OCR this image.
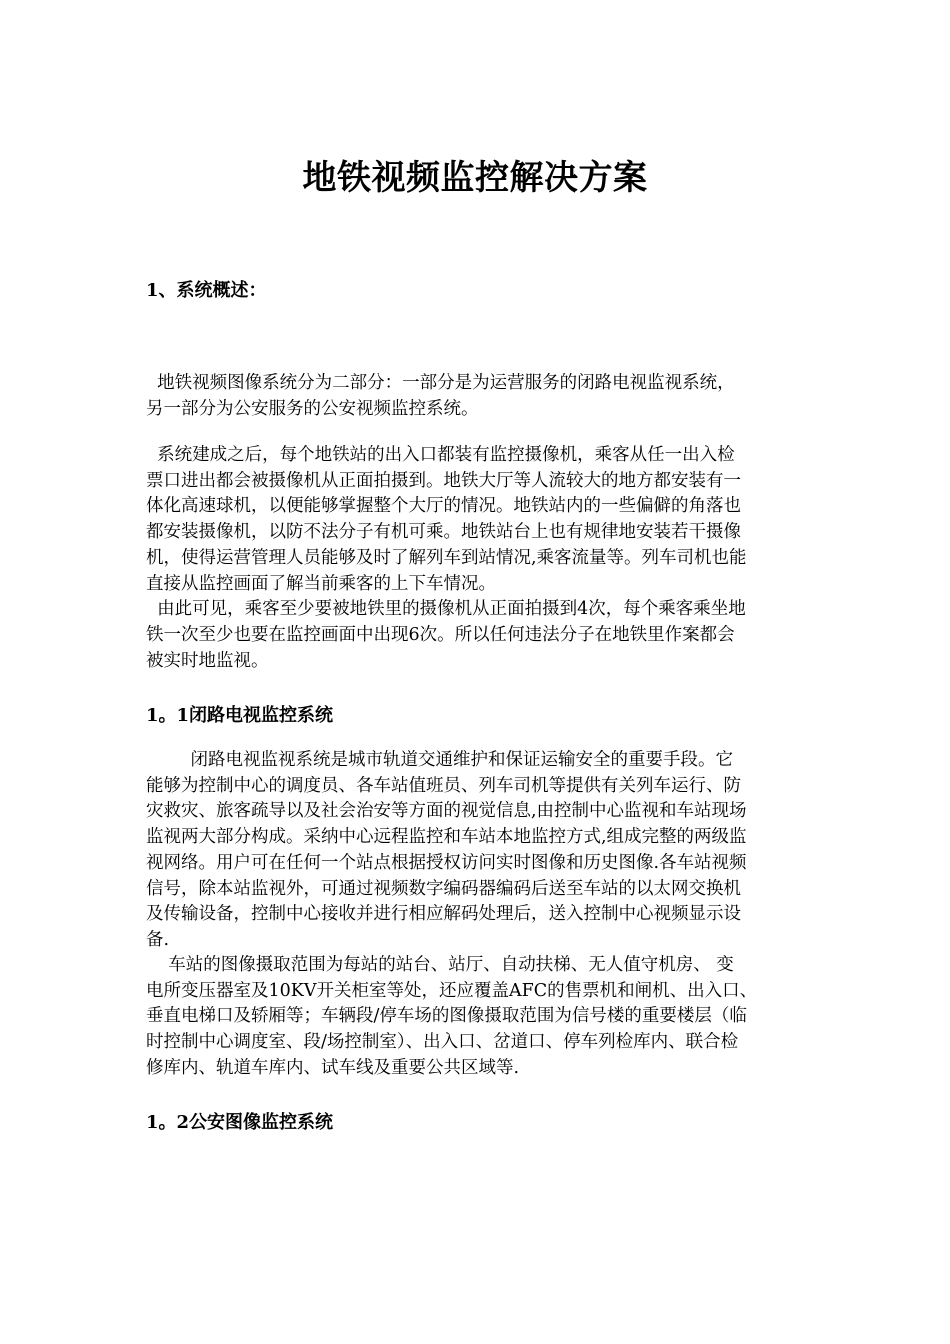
地铁视频监控解决方案
1、系统概述：
地铁视频图像系统分为二部分：一部分是为运营服务的闭路电视监视系统，
另一部分为公安服务的公安视频监控系统。
系统建成之后，每个地铁站的出入口都装有监控摄像机，乘客从任一出入检
票口进出都会被摄像机从正面拍摄到。地铁大厅等人流较大的地方都安装有一
体化高速球机，以便能够掌握整个大厅的情况。地铁站内的一些偏僻的角落也
都安装摄像机，以防不法分子有机可乘。地铁站台上也有规律地安装若干摄像
机，使得运营管理人员能够及时了解列车到站情况,乘客流量等。列车司机也能
直接从监控画面了解当前乘客的上下车情况。
由此可见，乘客至少要被地铁里的摄像机从正面拍摄到4次，每个乘客乘坐地
铁一次至少也要在监控画面中出现6次。所以任何违法分子在地铁里作案都会
被实时地监视。
1。1闭路电视监控系统
闭路电视监视系统是城市轨道交通维护和保证运输安全的重要手段。它
能够为控制中心的调度员、各车站值班员、列车司机等提供有关列车运行、防
灾救灾、旅客疏导以及社会治安等方面的视觉信息,由控制中心监视和车站现场
监视两大部分构成。采纳中心远程监控和车站本地监控方式,组成完整的两级监
视网络。用户可在任何一个站点根据授权访问实时图像和历史图像.各车站视频
信号，除本站监视外，可通过视频数字编码器编码后送至车站的以太网交换机
及传输设备，控制中心接收并进行相应解码处理后，送入控制中心视频显示设
备.
车站的图像摄取范围为每站的站台、站厅、自动扶梯、无人值守机房、 变
电所变压器室及10KV开关柜室等处，还应覆盖AFC的售票机和闸机、出入口、
垂直电梯口及轿厢等；车辆段/停车场的图像摄取范围为信号楼的重要楼层（临
时控制中心调度室、段/场控制室）、出入口、岔道口、停车列检库内、联合检
修库内、轨道车库内、试车线及重要公共区域等.
1。2公安图像监控系统
